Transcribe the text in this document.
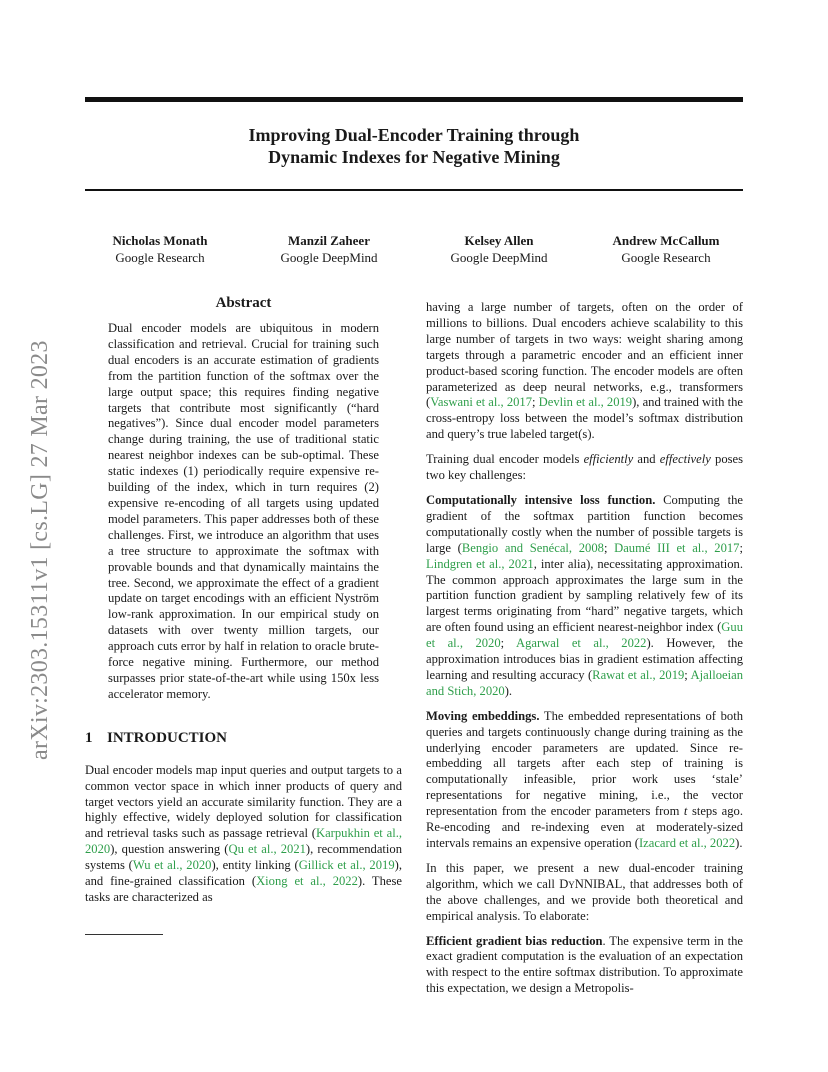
Improving Dual-Encoder Training through
Dynamic Indexes for Negative Mining
arXiv:2303.15311v1 [cs.LG] 27 Mar 2023
Nicholas Monath
Google Research
Manzil Zaheer
Google DeepMind
Kelsey Allen
Google DeepMind
Andrew McCallum
Google Research
Abstract

Dual encoder models are ubiquitous in modern classification and retrieval. Crucial for training such dual encoders is an accurate estimation of gradients from the partition function of the softmax over the large output space; this requires finding negative targets that contribute most significantly (“hard negatives”). Since dual encoder model parameters change during training, the use of traditional static nearest neighbor indexes can be sub-optimal. These static indexes (1) periodically require expensive re-building of the index, which in turn requires (2) expensive re-encoding of all targets using updated model parameters. This paper addresses both of these challenges. First, we introduce an algorithm that uses a tree structure to approximate the softmax with provable bounds and that dynamically maintains the tree. Second, we approximate the effect of a gradient update on target encodings with an efficient Nyström low-rank approximation. In our empirical study on datasets with over twenty million targets, our approach cuts error by half in relation to oracle brute-force negative mining. Furthermore, our method surpasses prior state-of-the-art while using 150x less accelerator memory.

1 INTRODUCTION

Dual encoder models map input queries and output targets to a common vector space in which inner products of query and target vectors yield an accurate similarity function. They are a highly effective, widely deployed solution for classification and retrieval tasks such as passage retrieval (Karpukhin et al., 2020), question answering (Qu et al., 2021), recommendation systems (Wu et al., 2020), entity linking (Gillick et al., 2019), and fine-grained classification (Xiong et al., 2022). These tasks are characterized as

having a large number of targets, often on the order of millions to billions. Dual encoders achieve scalability to this large number of targets in two ways: weight sharing among targets through a parametric encoder and an efficient inner product-based scoring function. The encoder models are often parameterized as deep neural networks, e.g., transformers (Vaswani et al., 2017; Devlin et al., 2019), and trained with the cross-entropy loss between the model’s softmax distribution and query’s true labeled target(s).

Training dual encoder models efficiently and effectively poses two key challenges:

Computationally intensive loss function. Computing the gradient of the softmax partition function becomes computationally costly when the number of possible targets is large (Bengio and Senécal, 2008; Daumé III et al., 2017; Lindgren et al., 2021, inter alia), necessitating approximation. The common approach approximates the large sum in the partition function gradient by sampling relatively few of its largest terms originating from “hard” negative targets, which are often found using an efficient nearest-neighbor index (Guu et al., 2020; Agarwal et al., 2022). However, the approximation introduces bias in gradient estimation affecting learning and resulting accuracy (Rawat et al., 2019; Ajalloeian and Stich, 2020).

Moving embeddings. The embedded representations of both queries and targets continuously change during training as the underlying encoder parameters are updated. Since re-embedding all targets after each step of training is computationally infeasible, prior work uses ‘stale’ representations for negative mining, i.e., the vector representation from the encoder parameters from t steps ago. Re-encoding and re-indexing even at moderately-sized intervals remains an expensive operation (Izacard et al., 2022).

In this paper, we present a new dual-encoder training algorithm, which we call DyNNIBAL, that addresses both of the above challenges, and we provide both theoretical and empirical analysis. To elaborate:

Efficient gradient bias reduction. The expensive term in the exact gradient computation is the evaluation of an expectation with respect to the entire softmax distribution. To approximate this expectation, we design a Metropolis-
